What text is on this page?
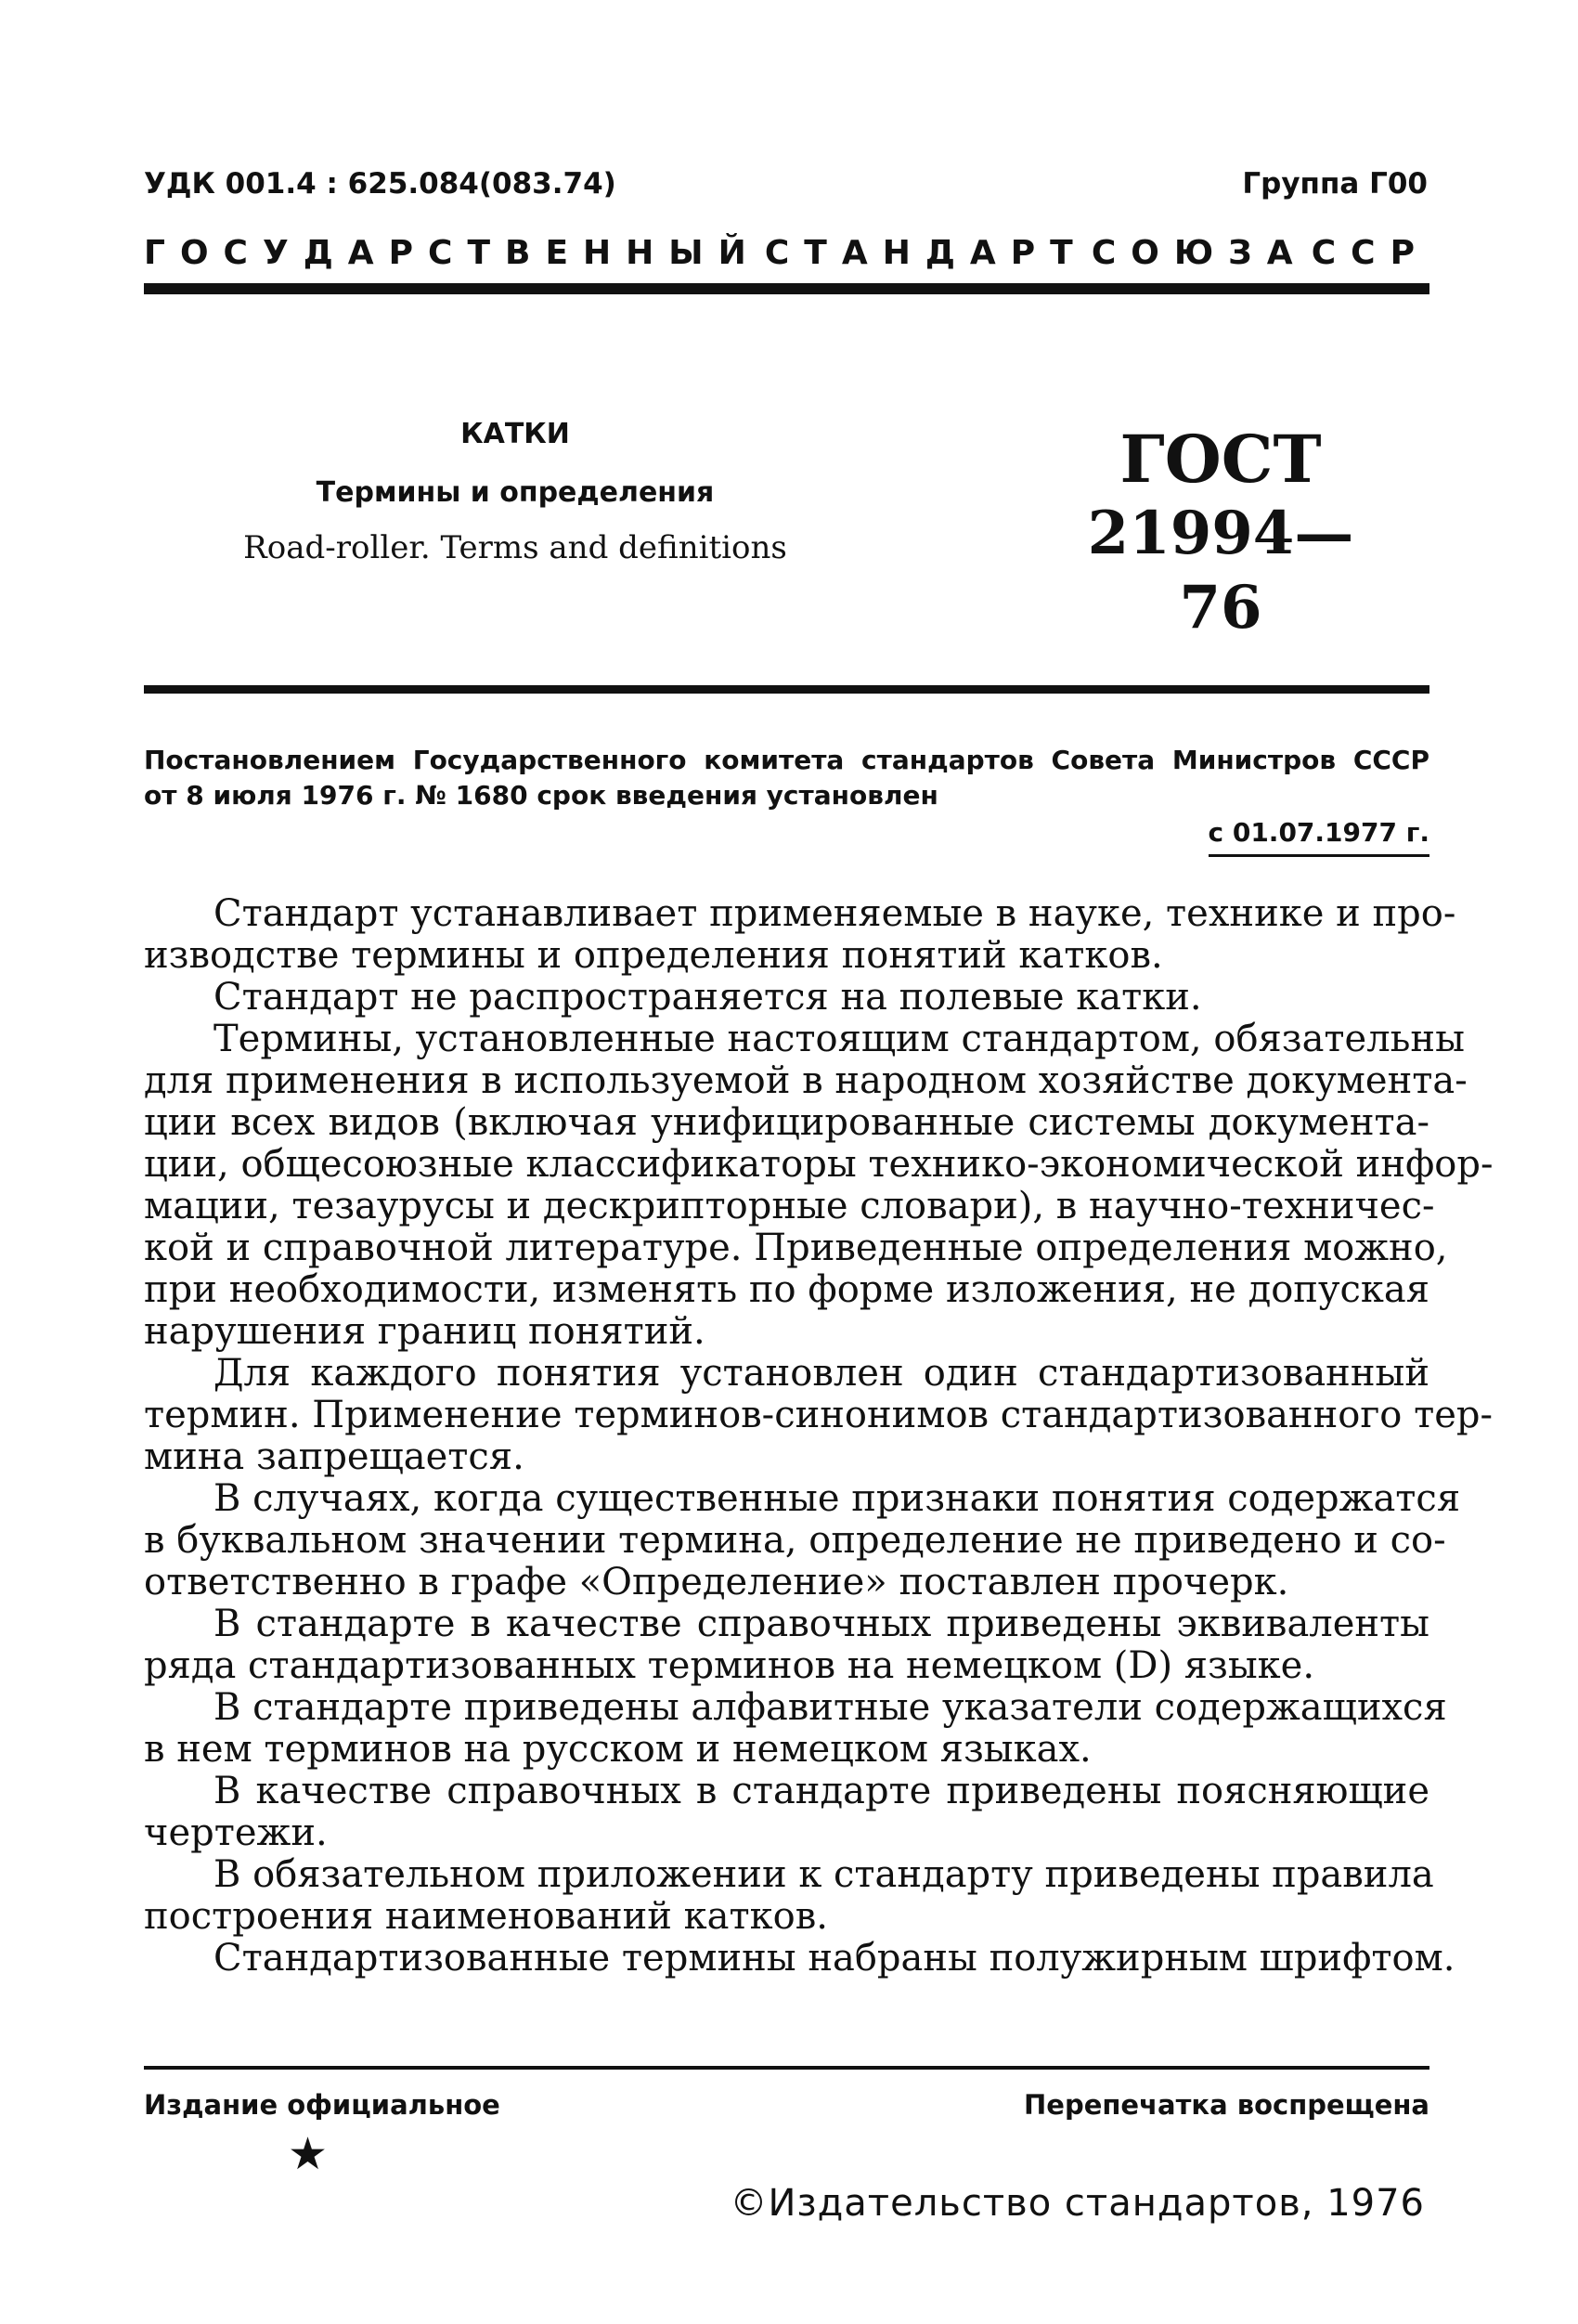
УДК 001.4 : 625.084(083.74)	Группа Г00
ГОСУДАРСТВЕННЫЙ СТАНДАРТ СОЮЗА ССР
КАТКИ
Термины и определения
Road-roller. Terms and definitions
ГОСТ
21994—76
Постановлением Государственного комитета стандартов Совета Министров СССР
от 8 июля 1976 г. № 1680 срок введения установлен
с 01.07.1977 г.
Стандарт устанавливает применяемые в науке, технике и про-
изводстве термины и определения понятий катков.
Стандарт не распространяется на полевые катки.
Термины, установленные настоящим стандартом, обязательны
для применения в используемой в народном хозяйстве документа-
ции всех видов (включая унифицированные системы документа-
ции, общесоюзные классификаторы технико-экономической инфор-
мации, тезаурусы и дескрипторные словари), в научно-техничес-
кой и справочной литературе. Приведенные определения можно,
при необходимости, изменять по форме изложения, не допуская
нарушения границ понятий.
Для каждого понятия установлен один стандартизованный
термин. Применение терминов-синонимов стандартизованного тер-
мина запрещается.
В случаях, когда существенные признаки понятия содержатся
в буквальном значении термина, определение не приведено и со-
ответственно в графе «Определение» поставлен прочерк.
В стандарте в качестве справочных приведены эквиваленты
ряда стандартизованных терминов на немецком (D) языке.
В стандарте приведены алфавитные указатели содержащихся
в нем терминов на русском и немецком языках.
В качестве справочных в стандарте приведены поясняющие
чертежи.
В обязательном приложении к стандарту приведены правила
построения наименований катков.
Стандартизованные термины набраны полужирным шрифтом.
Издание официальное	Перепечатка воспрещена
★
©Издательство стандартов, 1976
